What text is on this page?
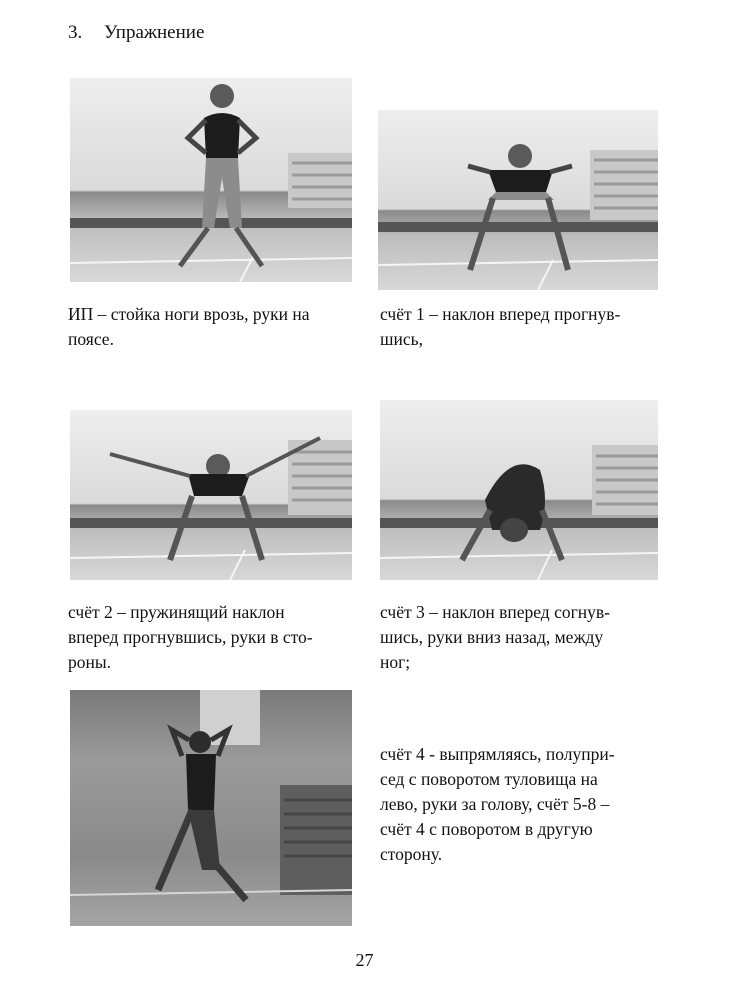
3. Упражнение

ИП – стойка ноги врозь, руки на
поясе.

счёт 1 – наклон вперед прогнув-
шись,

счёт 2 – пружинящий наклон
вперед прогнувшись, руки в сто-
роны.

счёт 3 – наклон вперед согнув-
шись, руки вниз назад, между
ног;

счёт 4 - выпрямляясь, полупри-
сед с поворотом туловища на
лево, руки за голову, счёт 5-8 –
счёт 4 с поворотом в другую
сторону.

27
